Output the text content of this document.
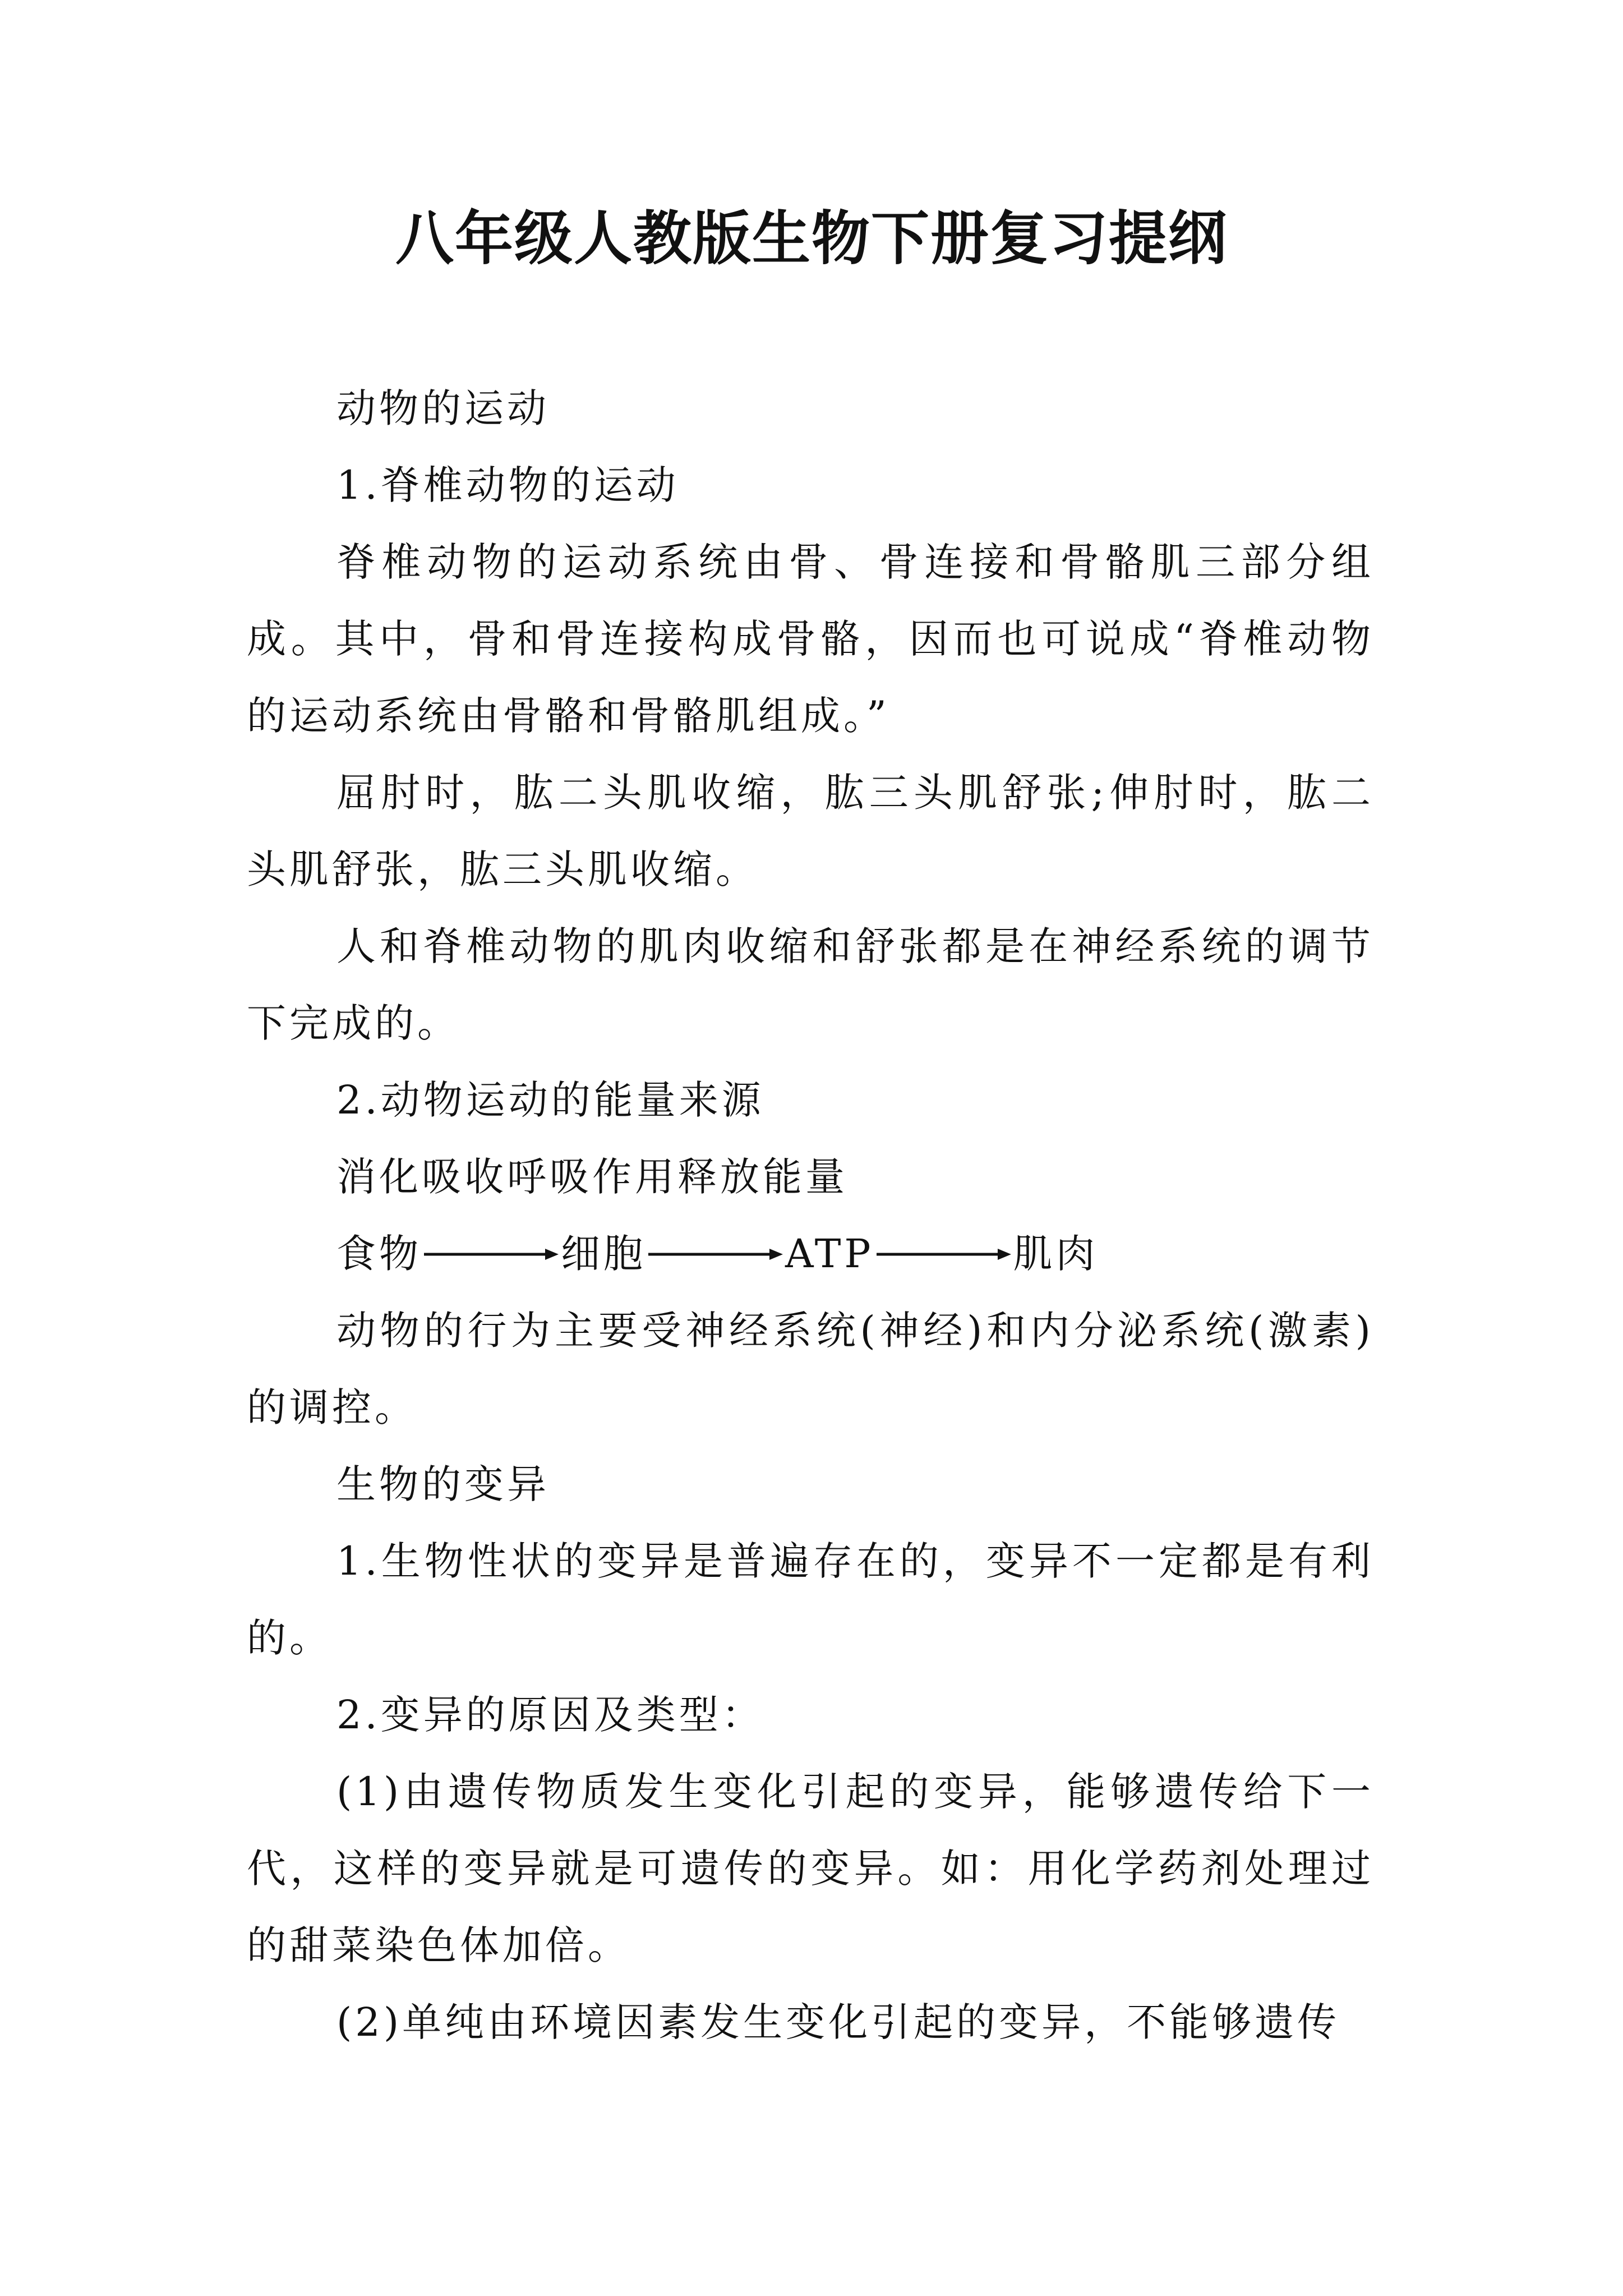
八年级人教版生物下册复习提纲

动物的运动

1.脊椎动物的运动

脊椎动物的运动系统由骨、骨连接和骨骼肌三部分组成。其中，骨和骨连接构成骨骼，因而也可说成“脊椎动物的运动系统由骨骼和骨骼肌组成。”

屈肘时，肱二头肌收缩，肱三头肌舒张;伸肘时，肱二头肌舒张，肱三头肌收缩。

人和脊椎动物的肌肉收缩和舒张都是在神经系统的调节下完成的。

2.动物运动的能量来源

消化吸收呼吸作用释放能量

食物	细胞	ATP	肌肉

动物的行为主要受神经系统(神经)和内分泌系统(激素)的调控。

生物的变异

1.生物性状的变异是普遍存在的，变异不一定都是有利的。

2.变异的原因及类型：

(1)由遗传物质发生变化引起的变异，能够遗传给下一代，这样的变异就是可遗传的变异。如：用化学药剂处理过的甜菜染色体加倍。

(2)单纯由环境因素发生变化引起的变异，不能够遗传
